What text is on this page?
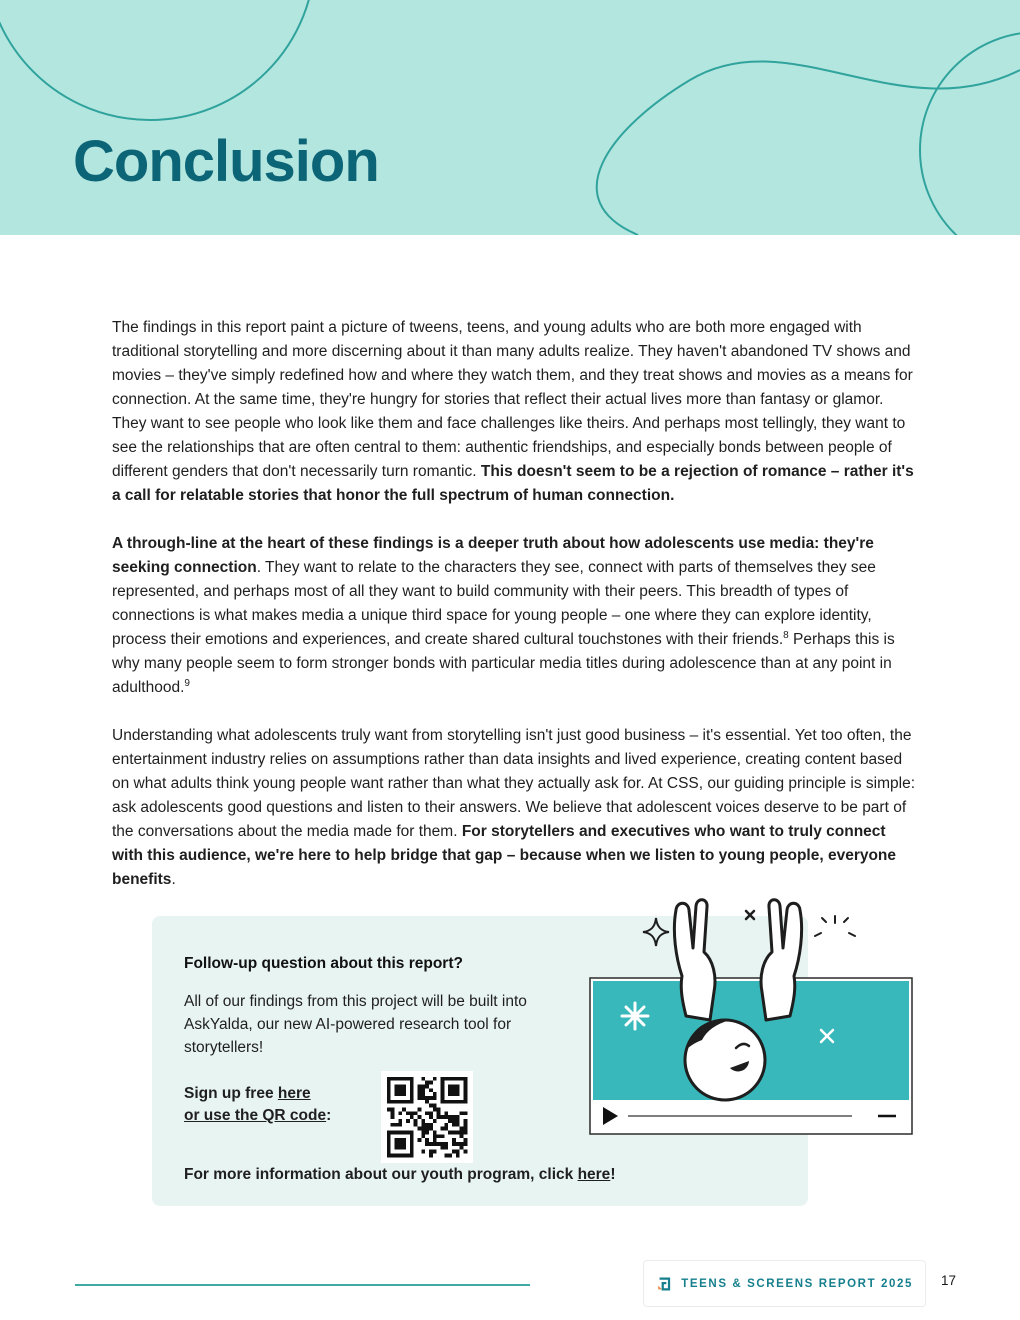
Conclusion

The findings in this report paint a picture of tweens, teens, and young adults who are both more engaged with traditional storytelling and more discerning about it than many adults realize. They haven't abandoned TV shows and movies – they've simply redefined how and where they watch them, and they treat shows and movies as a means for connection. At the same time, they're hungry for stories that reflect their actual lives more than fantasy or glamor. They want to see people who look like them and face challenges like theirs. And perhaps most tellingly, they want to see the relationships that are often central to them: authentic friendships, and especially bonds between people of different genders that don't necessarily turn romantic. This doesn't seem to be a rejection of romance – rather it's a call for relatable stories that honor the full spectrum of human connection.

A through-line at the heart of these findings is a deeper truth about how adolescents use media: they're seeking connection. They want to relate to the characters they see, connect with parts of themselves they see represented, and perhaps most of all they want to build community with their peers. This breadth of types of connections is what makes media a unique third space for young people – one where they can explore identity, process their emotions and experiences, and create shared cultural touchstones with their friends.$^8$ Perhaps this is why many people seem to form stronger bonds with particular media titles during adolescence than at any point in adulthood.$^9$

Understanding what adolescents truly want from storytelling isn't just good business – it's essential. Yet too often, the entertainment industry relies on assumptions rather than data insights and lived experience, creating content based on what adults think young people want rather than what they actually ask for. At CSS, our guiding principle is simple: ask adolescents good questions and listen to their answers. We believe that adolescent voices deserve to be part of the conversations about the media made for them. For storytellers and executives who want to truly connect with this audience, we're here to help bridge that gap – because when we listen to young people, everyone benefits.

Follow-up question about this report?

All of our findings from this project will be built into AskYalda, our new AI-powered research tool for storytellers!

Sign up free here
or use the QR code:

For more information about our youth program, click here!

TEENS & SCREENS REPORT 2025 17
